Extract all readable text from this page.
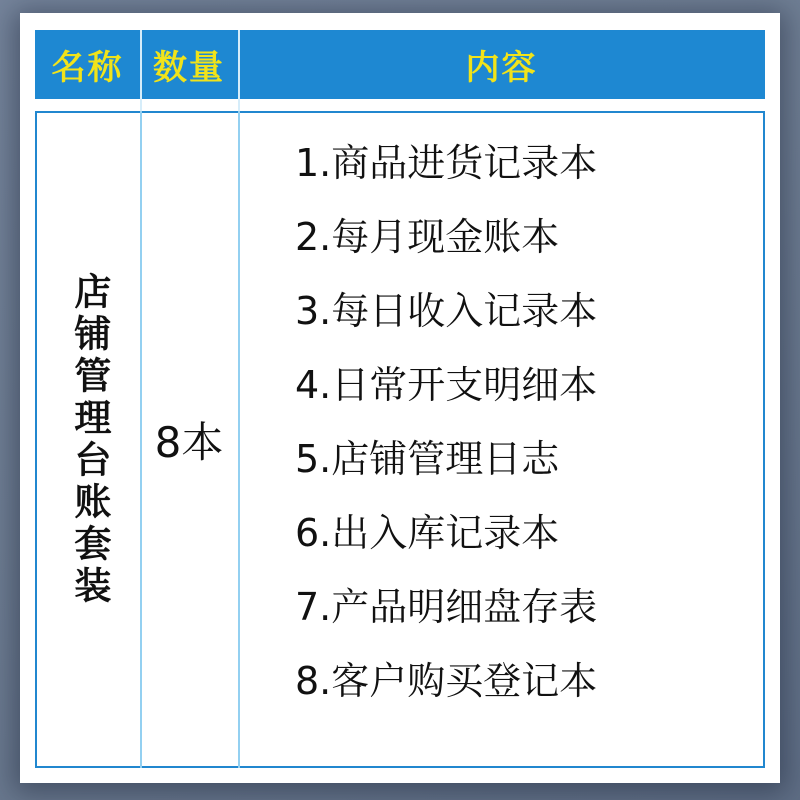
名称 数量	内容
店铺管理台账套装 8本
1.商品进货记录本
2.每月现金账本
3.每日收入记录本
4.日常开支明细本
5.店铺管理日志
6.出入库记录本
7.产品明细盘存表
8.客户购买登记本
